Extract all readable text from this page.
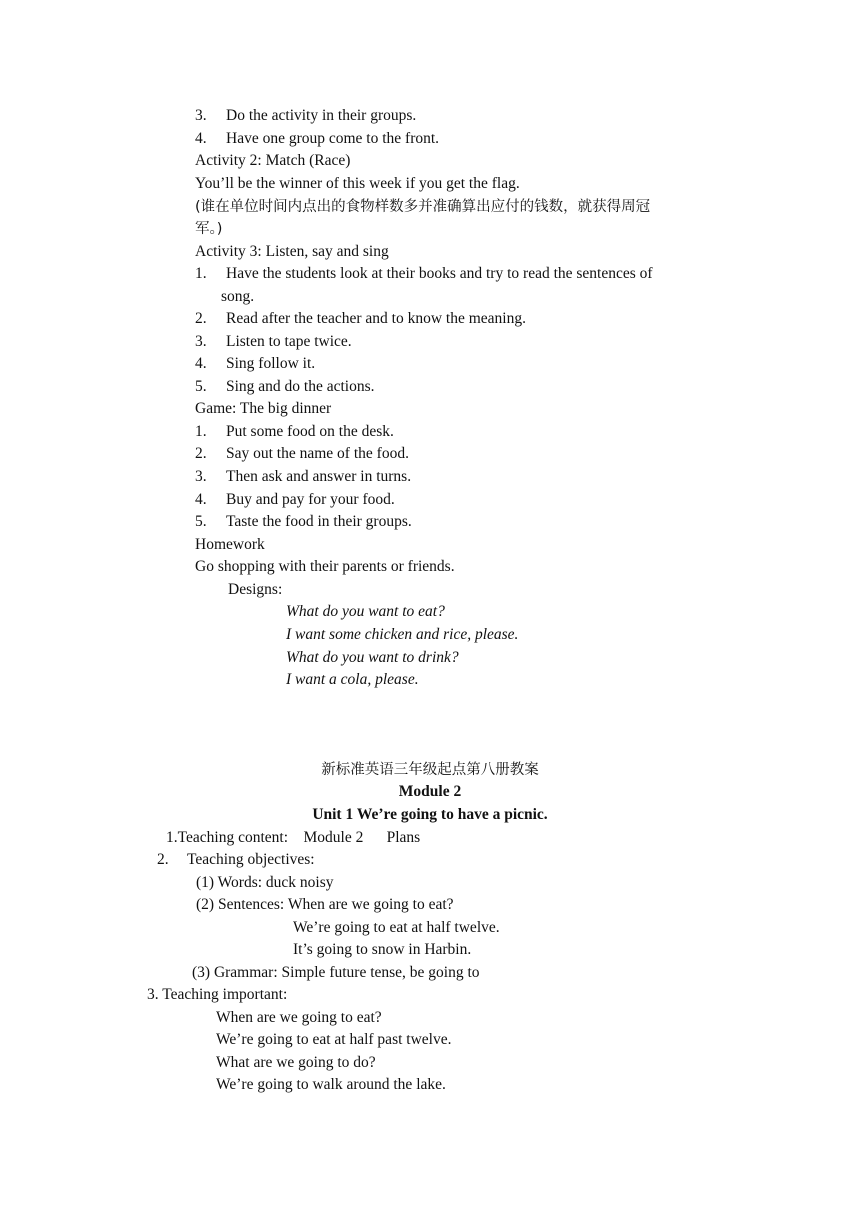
3. Do the activity in their groups.
4. Have one group come to the front.
Activity 2: Match (Race)
You’ll be the winner of this week if you get the flag.
(谁在单位时间内点出的食物样数多并准确算出应付的钱数，就获得周冠
军。)
Activity 3: Listen, say and sing
1. Have the students look at their books and try to read the sentences of
song.
2. Read after the teacher and to know the meaning.
3. Listen to tape twice.
4. Sing follow it.
5. Sing and do the actions.
Game: The big dinner
1. Put some food on the desk.
2. Say out the name of the food.
3. Then ask and answer in turns.
4. Buy and pay for your food.
5. Taste the food in their groups.
Homework
Go shopping with their parents or friends.
Designs:
What do you want to eat?
I want some chicken and rice, please.
What do you want to drink?
I want a cola, please.
新标准英语三年级起点第八册教案
Module 2
Unit 1 We’re going to have a picnic.
1.Teaching content:    Module 2      Plans
2. Teaching objectives:
(1) Words: duck noisy
(2) Sentences: When are we going to eat?
We’re going to eat at half twelve.
It’s going to snow in Harbin.
(3) Grammar: Simple future tense, be going to
3. Teaching important:
When are we going to eat?
We’re going to eat at half past twelve.
What are we going to do?
We’re going to walk around the lake.
